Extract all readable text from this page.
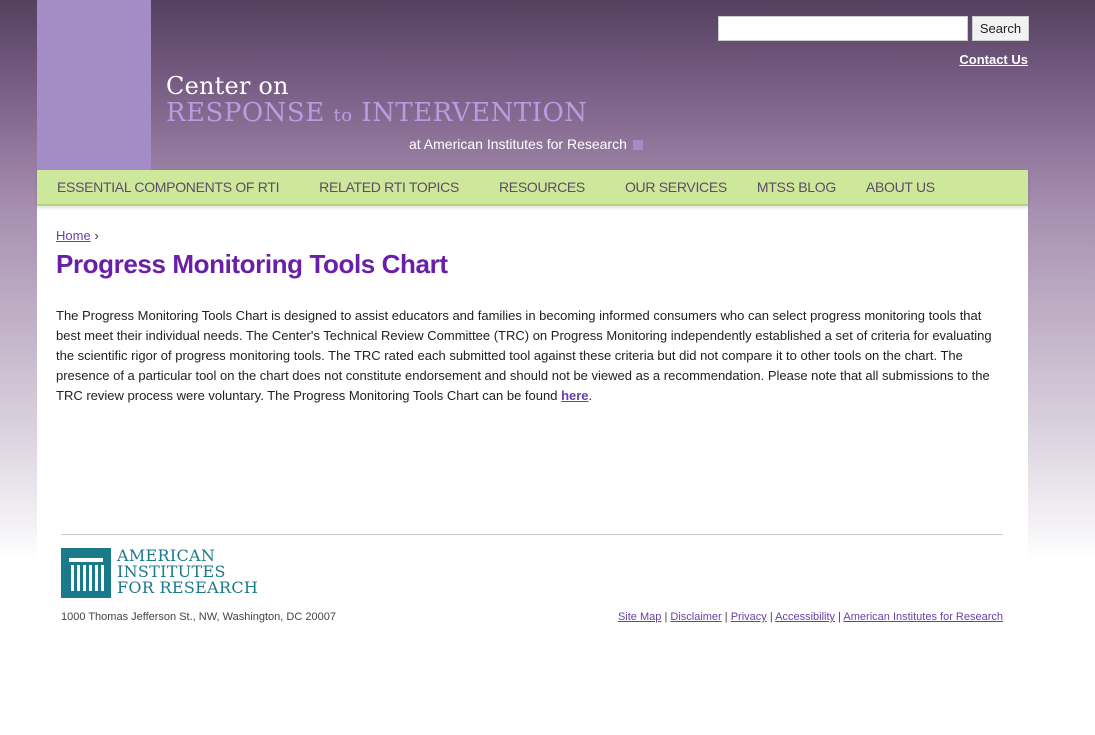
Center on
RESPONSE to INTERVENTION
at American Institutes for Research
Search
Contact Us
ESSENTIAL COMPONENTS OF RTI	RELATED RTI TOPICS	RESOURCES	OUR SERVICES MTSS BLOG ABOUT US
Home ›
Progress Monitoring Tools Chart

The Progress Monitoring Tools Chart is designed to assist educators and families in becoming informed consumers who can select progress monitoring tools that best meet their individual needs. The Center's Technical Review Committee (TRC) on Progress Monitoring independently established a set of criteria for evaluating the scientific rigor of progress monitoring tools. The TRC rated each submitted tool against these criteria but did not compare it to other tools on the chart. The presence of a particular tool on the chart does not constitute endorsement and should not be viewed as a recommendation. Please note that all submissions to the TRC review process were voluntary. The Progress Monitoring Tools Chart can be found here.

AMERICAN
INSTITUTES
FOR RESEARCH
1000 Thomas Jefferson St., NW, Washington, DC 20007	Site Map | Disclaimer | Privacy | Accessibility | American Institutes for Research
